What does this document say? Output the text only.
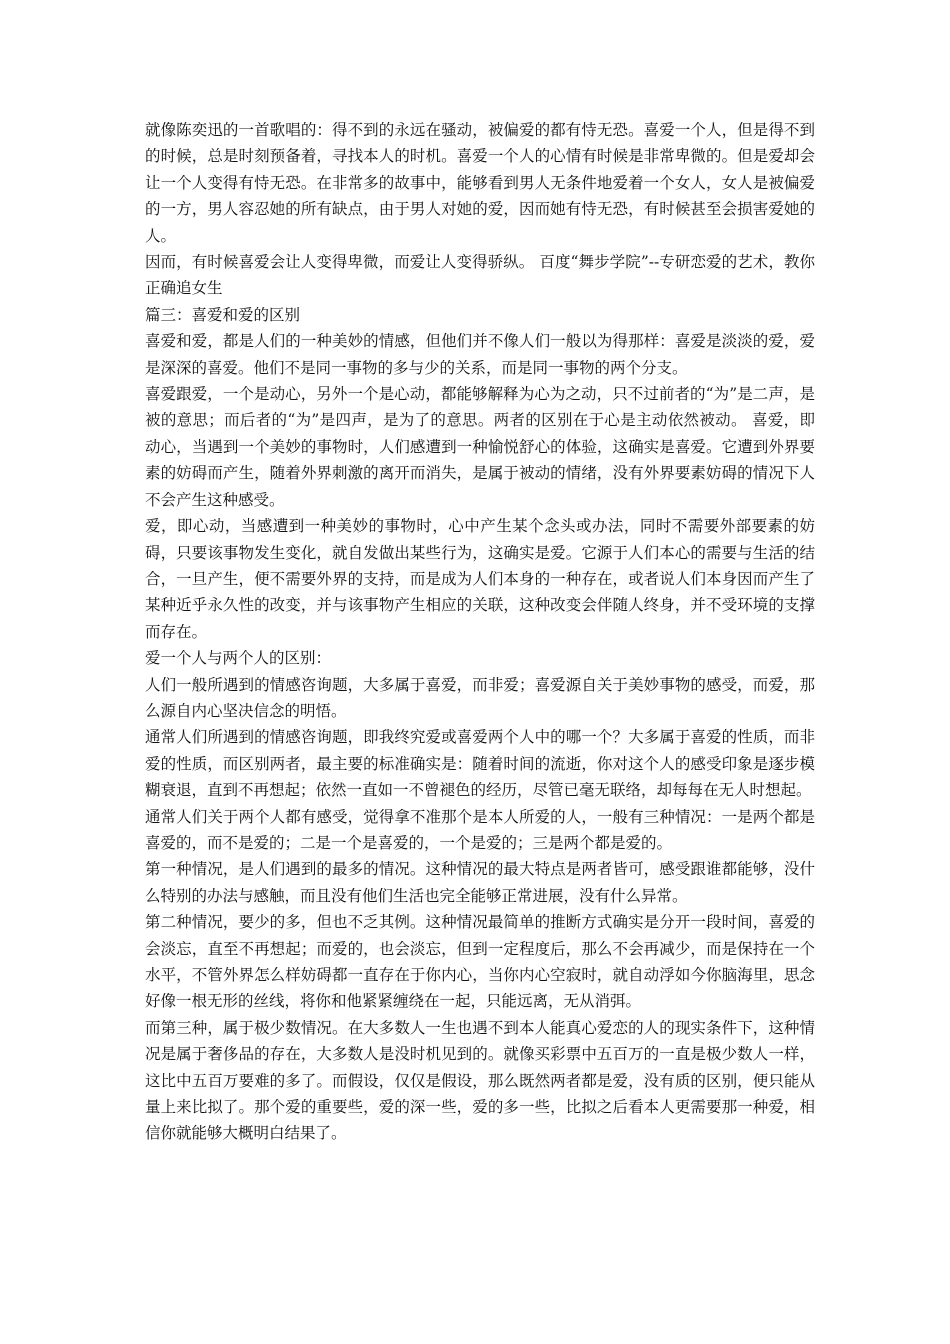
就像陈奕迅的一首歌唱的：得不到的永远在骚动，被偏爱的都有恃无恐。喜爱一个人，但是得不到的时候，总是时刻预备着，寻找本人的时机。喜爱一个人的心情有时候是非常卑微的。但是爱却会让一个人变得有恃无恐。在非常多的故事中，能够看到男人无条件地爱着一个女人，女人是被偏爱的一方，男人容忍她的所有缺点，由于男人对她的爱，因而她有恃无恐，有时候甚至会损害爱她的人。

因而，有时候喜爱会让人变得卑微，而爱让人变得骄纵。 百度“舞步学院”--专研恋爱的艺术，教你正确追女生

篇三：喜爱和爱的区别

喜爱和爱，都是人们的一种美妙的情感，但他们并不像人们一般以为得那样：喜爱是淡淡的爱，爱是深深的喜爱。他们不是同一事物的多与少的关系，而是同一事物的两个分支。

喜爱跟爱，一个是动心，另外一个是心动，都能够解释为心为之动，只不过前者的“为”是二声，是被的意思；而后者的“为”是四声，是为了的意思。两者的区别在于心是主动依然被动。 喜爱，即动心，当遇到一个美妙的事物时，人们感遭到一种愉悦舒心的体验，这确实是喜爱。它遭到外界要素的妨碍而产生，随着外界刺激的离开而消失，是属于被动的情绪，没有外界要素妨碍的情况下人不会产生这种感受。

爱，即心动，当感遭到一种美妙的事物时，心中产生某个念头或办法，同时不需要外部要素的妨碍，只要该事物发生变化，就自发做出某些行为，这确实是爱。它源于人们本心的需要与生活的结合，一旦产生，便不需要外界的支持，而是成为人们本身的一种存在，或者说人们本身因而产生了某种近乎永久性的改变，并与该事物产生相应的关联，这种改变会伴随人终身，并不受环境的支撑而存在。

爱一个人与两个人的区别：

人们一般所遇到的情感咨询题，大多属于喜爱，而非爱；喜爱源自关于美妙事物的感受，而爱，那么源自内心坚决信念的明悟。

通常人们所遇到的情感咨询题，即我终究爱或喜爱两个人中的哪一个？大多属于喜爱的性质，而非爱的性质，而区别两者，最主要的标准确实是：随着时间的流逝，你对这个人的感受印象是逐步模糊衰退，直到不再想起；依然一直如一不曾褪色的经历，尽管已毫无联络，却每每在无人时想起。

通常人们关于两个人都有感受，觉得拿不准那个是本人所爱的人，一般有三种情况：一是两个都是喜爱的，而不是爱的；二是一个是喜爱的，一个是爱的；三是两个都是爱的。

第一种情况，是人们遇到的最多的情况。这种情况的最大特点是两者皆可，感受跟谁都能够，没什么特别的办法与感触，而且没有他们生活也完全能够正常进展，没有什么异常。

第二种情况，要少的多，但也不乏其例。这种情况最简单的推断方式确实是分开一段时间，喜爱的会淡忘，直至不再想起；而爱的，也会淡忘，但到一定程度后，那么不会再减少，而是保持在一个水平，不管外界怎么样妨碍都一直存在于你内心，当你内心空寂时，就自动浮如今你脑海里，思念好像一根无形的丝线，将你和他紧紧缠绕在一起，只能远离，无从消弭。

而第三种，属于极少数情况。在大多数人一生也遇不到本人能真心爱恋的人的现实条件下，这种情况是属于奢侈品的存在，大多数人是没时机见到的。就像买彩票中五百万的一直是极少数人一样，这比中五百万要难的多了。而假设，仅仅是假设，那么既然两者都是爱，没有质的区别，便只能从量上来比拟了。那个爱的重要些，爱的深一些，爱的多一些，比拟之后看本人更需要那一种爱，相信你就能够大概明白结果了。
